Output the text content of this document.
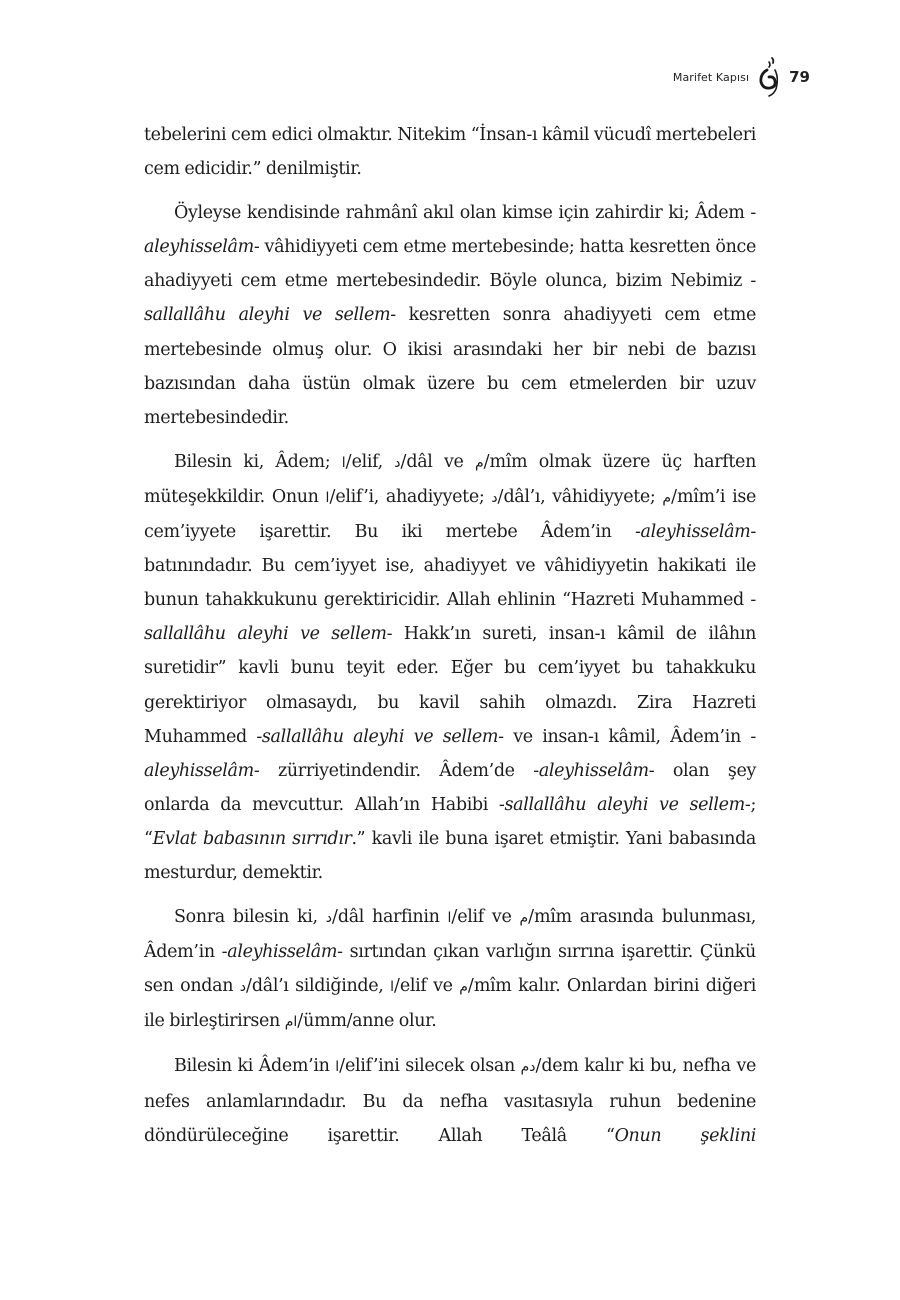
Marifet Kapısı	79

tebelerini cem edici olmaktır. Nitekim “İnsan-ı kâmil vücudî mertebeleri cem edicidir.” denilmiştir.

Öyleyse kendisinde rahmânî akıl olan kimse için zahirdir ki; Âdem -aleyhisselâm- vâhidiyyeti cem etme mertebesinde; hatta kesretten önce ahadiyyeti cem etme mertebesindedir. Böyle olunca, bizim Nebimiz -sallallâhu aleyhi ve sellem- kesretten sonra ahadiyyeti cem etme mertebesinde olmuş olur. O ikisi arasındaki her bir nebi de bazısı bazısından daha üstün olmak üzere bu cem etmelerden bir uzuv mertebesindedir.

Bilesin ki, Âdem; ا/elif, د/dâl ve م/mîm olmak üzere üç harften müteşekkildir. Onun ا/elif’i, ahadiyyete; د/dâl’ı, vâhidiyyete; م/mîm’i ise cem’iyyete işarettir. Bu iki mertebe Âdem’in -aleyhisselâm- batınındadır. Bu cem’iyyet ise, ahadiyyet ve vâhidiyyetin hakikati ile bunun tahakkukunu gerektiricidir. Allah ehlinin “Hazreti Muhammed -sallallâhu aleyhi ve sellem- Hakk’ın sureti, insan-ı kâmil de ilâhın suretidir” kavli bunu teyit eder. Eğer bu cem’iyyet bu tahakkuku gerektiriyor olmasaydı, bu kavil sahih olmazdı. Zira Hazreti Muhammed -sallallâhu aleyhi ve sellem- ve insan-ı kâmil, Âdem’in -aleyhisselâm- zürriyetindendir. Âdem’de -aleyhisselâm- olan şey onlarda da mevcuttur. Allah’ın Habibi -sallallâhu aleyhi ve sellem-; “Evlat babasının sırrıdır.” kavli ile buna işaret etmiştir. Yani babasında mesturdur, demektir.

Sonra bilesin ki, د/dâl harfinin ا/elif ve م/mîm arasında bulunması, Âdem’in -aleyhisselâm- sırtından çıkan varlığın sırrına işarettir. Çünkü sen ondan د/dâl’ı sildiğinde, ا/elif ve م/mîm kalır. Onlardan birini diğeri ile birleştirirsen ام/ümm/anne olur.

Bilesin ki Âdem’in ا/elif’ini silecek olsan دم/dem kalır ki bu, nefha ve nefes anlamlarındadır. Bu da nefha vasıtasıyla ruhun bedenine döndürüleceğine işarettir. Allah Teâlâ “Onun şeklini
